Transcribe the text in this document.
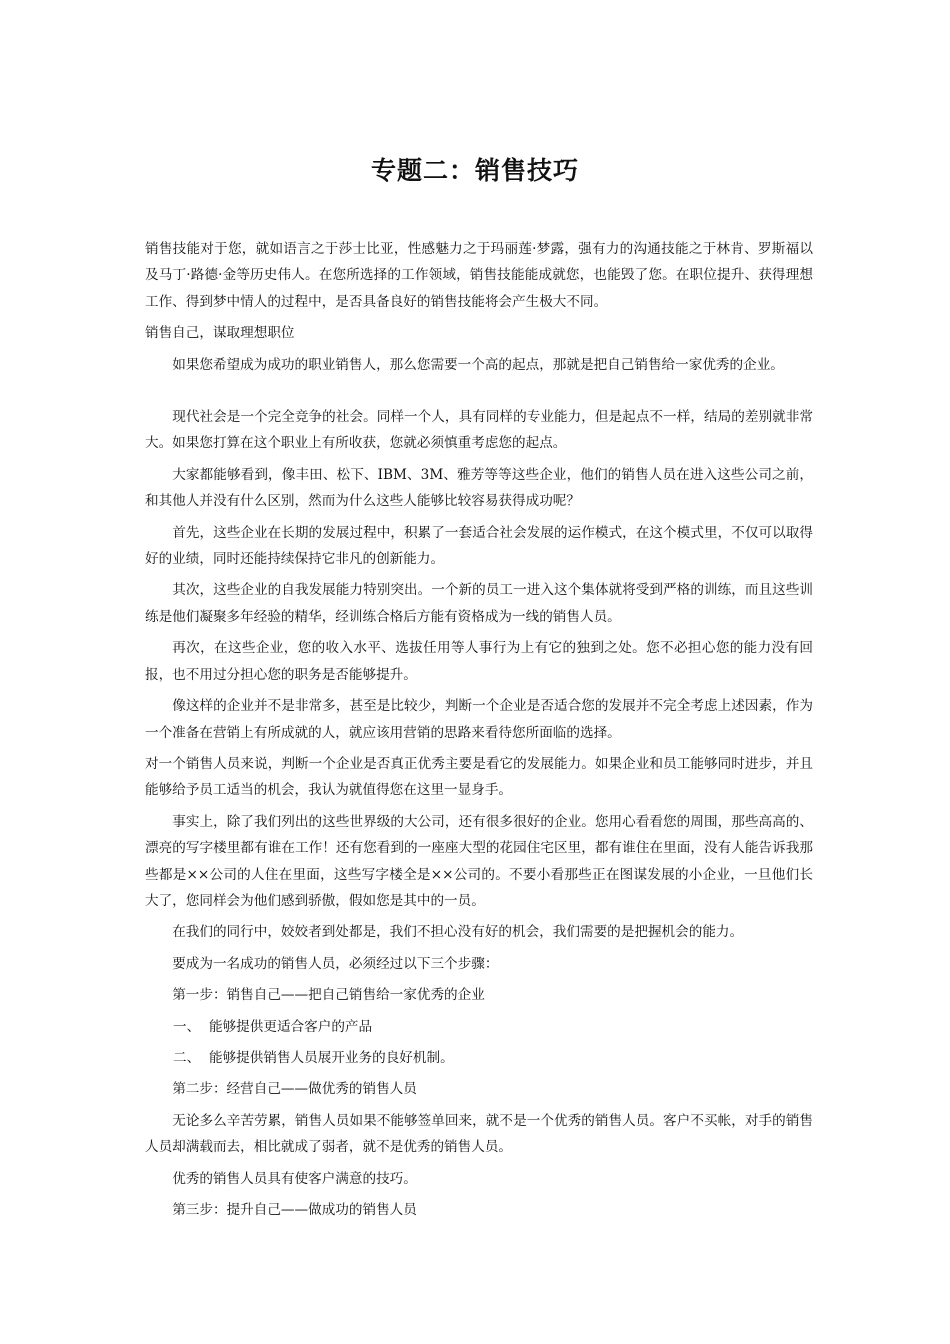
专题二：销售技巧

销售技能对于您，就如语言之于莎士比亚，性感魅力之于玛丽莲·梦露，强有力的沟通技能之于林肯、罗斯福以及马丁·路德·金等历史伟人。在您所选择的工作领域，销售技能能成就您，也能毁了您。在职位提升、获得理想工作、得到梦中情人的过程中，是否具备良好的销售技能将会产生极大不同。

销售自己，谋取理想职位

如果您希望成为成功的职业销售人，那么您需要一个高的起点，那就是把自己销售给一家优秀的企业。

现代社会是一个完全竞争的社会。同样一个人，具有同样的专业能力，但是起点不一样，结局的差别就非常大。如果您打算在这个职业上有所收获，您就必须慎重考虑您的起点。

大家都能够看到，像丰田、松下、IBM、3M、雅芳等等这些企业，他们的销售人员在进入这些公司之前，和其他人并没有什么区别，然而为什么这些人能够比较容易获得成功呢？

首先，这些企业在长期的发展过程中，积累了一套适合社会发展的运作模式，在这个模式里，不仅可以取得好的业绩，同时还能持续保持它非凡的创新能力。

其次，这些企业的自我发展能力特别突出。一个新的员工一进入这个集体就将受到严格的训练，而且这些训练是他们凝聚多年经验的精华，经训练合格后方能有资格成为一线的销售人员。

再次，在这些企业，您的收入水平、选拔任用等人事行为上有它的独到之处。您不必担心您的能力没有回报，也不用过分担心您的职务是否能够提升。

像这样的企业并不是非常多，甚至是比较少，判断一个企业是否适合您的发展并不完全考虑上述因素，作为一个准备在营销上有所成就的人，就应该用营销的思路来看待您所面临的选择。

对一个销售人员来说，判断一个企业是否真正优秀主要是看它的发展能力。如果企业和员工能够同时进步，并且能够给予员工适当的机会，我认为就值得您在这里一显身手。

事实上，除了我们列出的这些世界级的大公司，还有很多很好的企业。您用心看看您的周围，那些高高的、漂亮的写字楼里都有谁在工作！还有您看到的一座座大型的花园住宅区里，都有谁住在里面，没有人能告诉我那些都是××公司的人住在里面，这些写字楼全是××公司的。不要小看那些正在图谋发展的小企业，一旦他们长大了，您同样会为他们感到骄傲，假如您是其中的一员。

在我们的同行中，姣姣者到处都是，我们不担心没有好的机会，我们需要的是把握机会的能力。

要成为一名成功的销售人员，必须经过以下三个步骤：

第一步：销售自己——把自己销售给一家优秀的企业

一、 能够提供更适合客户的产品

二、 能够提供销售人员展开业务的良好机制。

第二步：经营自己——做优秀的销售人员

无论多么辛苦劳累，销售人员如果不能够签单回来，就不是一个优秀的销售人员。客户不买帐，对手的销售人员却满载而去，相比就成了弱者，就不是优秀的销售人员。

优秀的销售人员具有使客户满意的技巧。

第三步：提升自己——做成功的销售人员
